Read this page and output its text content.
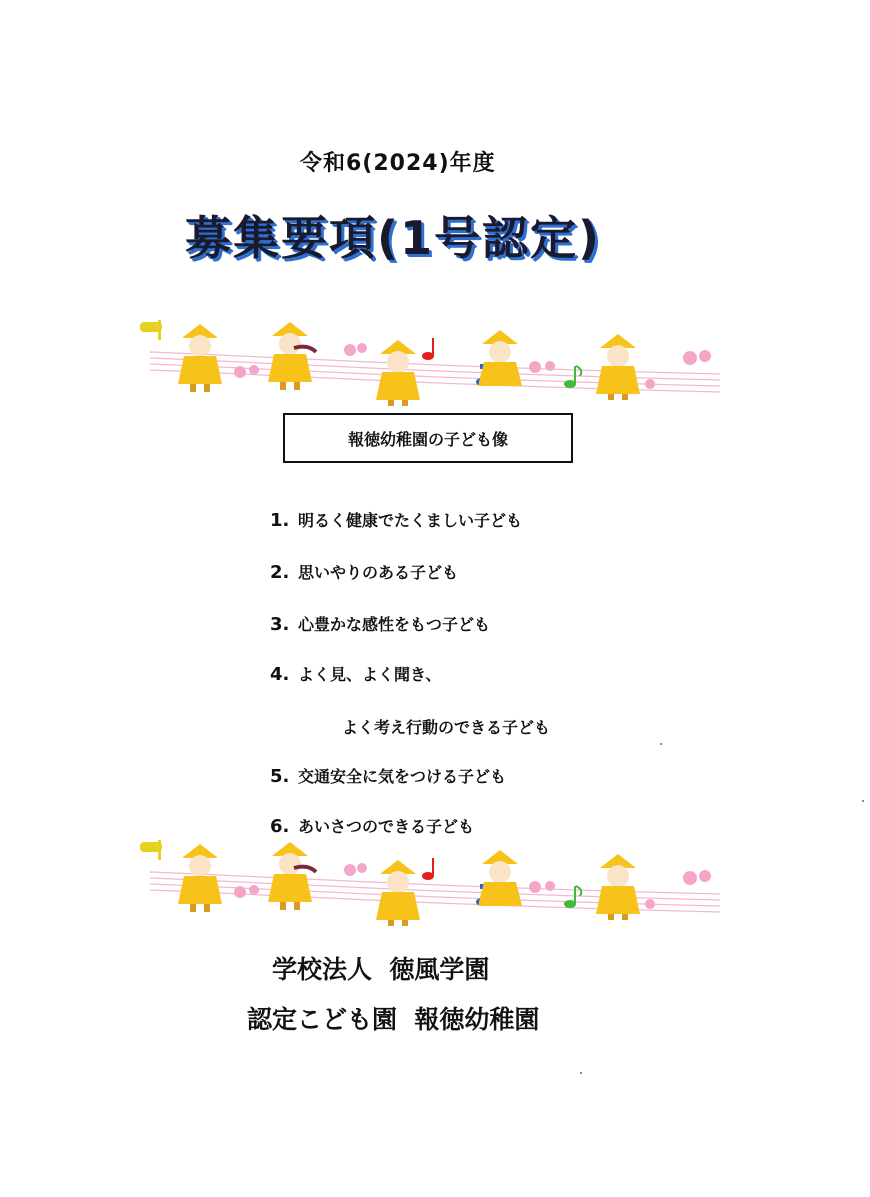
令和6(2024)年度
募集要項(1号認定)
報徳幼稚園の子ども像
1. 明るく健康でたくましい子ども
2. 思いやりのある子ども
3. 心豊かな感性をもつ子ども
4. よく見、よく聞き、
よく考え行動のできる子ども
5. 交通安全に気をつける子ども
6. あいさつのできる子ども
学校法人  徳風学園
認定こども園  報徳幼稚園
